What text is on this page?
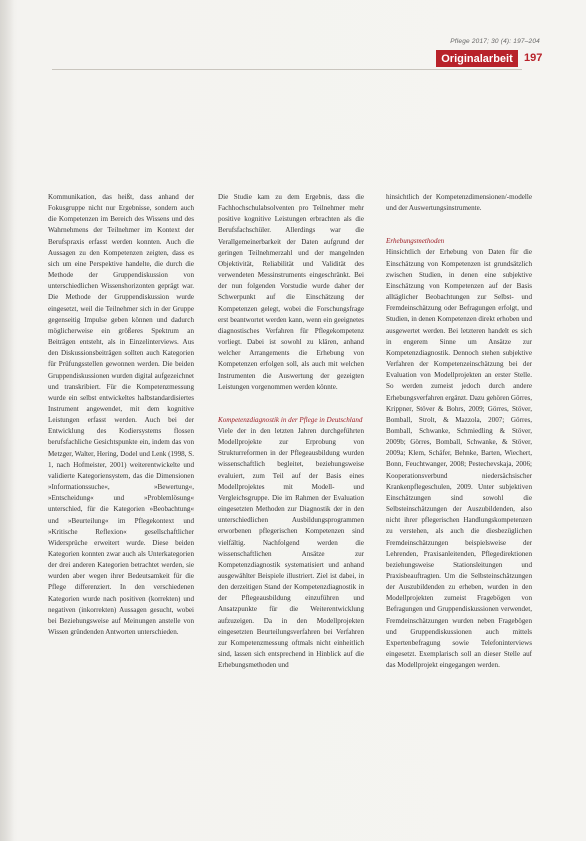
Pflege 2017; 30 (4): 197–204
Originalarbeit	197

Kommunikation, das heißt, dass anhand der Fokusgruppe nicht nur Ergebnisse, sondern auch die Kompetenzen im Bereich des Wissens und des Wahrnehmens der Teilnehmer im Kontext der Berufspraxis erfasst werden konnten. Auch die Aussagen zu den Kompetenzen zeigten, dass es sich um eine Perspektive handelte, die durch die Methode der Gruppendiskussion von unterschiedlichen Wissenshorizonten geprägt war. Die Methode der Gruppendiskussion wurde eingesetzt, weil die Teilnehmer sich in der Gruppe gegenseitig Impulse geben können und dadurch möglicherweise ein größeres Spektrum an Beiträgen entsteht, als in Einzelinterviews. Aus den Diskussionsbeiträgen sollten auch Kategorien für Prüfungsstellen gewonnen werden. Die beiden Gruppendiskussionen wurden digital aufgezeichnet und transkribiert. Für die Kompetenzmessung wurde ein selbst entwickeltes halbstandardisiertes Instrument angewendet, mit dem kognitive Leistungen erfasst werden. Auch bei der Entwicklung des Kodiersystems flossen berufsfachliche Gesichtspunkte ein, indem das von Metzger, Walter, Hering, Dodel und Lenk (1998, S. 1, nach Hofmeister, 2001) weiterentwickelte und validierte Kategoriensystem, das die Dimensionen »Informationssuche«, »Bewertung«, »Entscheidung« und »Problemlösung« unterschied, für die Kategorien »Beobachtung« und »Beurteilung« im Pflegekontext und »Kritische Reflexion« gesellschaftlicher Widersprüche erweitert wurde. Diese beiden Kategorien konnten zwar auch als Unterkategorien der drei anderen Kategorien betrachtet werden, sie wurden aber wegen ihrer Bedeutsamkeit für die Pflege differenziert. In den verschiedenen Kategorien wurde nach positiven (korrekten) und negativen (inkorrekten) Aussagen gesucht, wobei bei Beziehungsweise auf Meinungen anstelle von Wissen gründenden Antworten unterschieden.

Die Studie kam zu dem Ergebnis, dass die Fachhochschulabsolventen pro Teilnehmer mehr positive kognitive Leistungen erbrachten als die Berufsfachschüler. Allerdings war die Verallgemeinerbarkeit der Daten aufgrund der geringen Teilnehmerzahl und der mangelnden Objektivität, Reliabilität und Validität des verwendeten Messinstruments eingeschränkt. Bei der nun folgenden Vorstudie wurde daher der Schwerpunkt auf die Einschätzung der Kompetenzen gelegt, wobei die Forschungsfrage erst beantwortet werden kann, wenn ein geeignetes diagnostisches Verfahren für Pflegekompetenz vorliegt. Dabei ist sowohl zu klären, anhand welcher Arrangements die Erhebung von Kompetenzen erfolgen soll, als auch mit welchen Instrumenten die Auswertung der gezeigten Leistungen vorgenommen werden könnte.

Kompetenzdiagnostik in der Pflege in Deutschland

Viele der in den letzten Jahren durchgeführten Modellprojekte zur Erprobung von Strukturreformen in der Pflegeausbildung wurden wissenschaftlich begleitet, beziehungsweise evaluiert, zum Teil auf der Basis eines Modellprojektes mit Modell- und Vergleichsgruppe. Die im Rahmen der Evaluation eingesetzten Methoden zur Diagnostik der in den unterschiedlichen Ausbildungsprogrammen erworbenen pflegerischen Kompetenzen sind vielfältig. Nachfolgend werden die wissenschaftlichen Ansätze zur Kompetenzdiagnostik systematisiert und anhand ausgewählter Beispiele illustriert. Ziel ist dabei, in den derzeitigen Stand der Kompetenzdiagnostik in der Pflegeausbildung einzuführen und Ansatzpunkte für die Weiterentwicklung aufzuzeigen. Da in den Modellprojekten eingesetzten Beurteilungsverfahren bei Verfahren zur Kompetenzmessung oftmals nicht einheitlich sind, lassen sich entsprechend in Hinblick auf die Erhebungsmethoden und

hinsichtlich der Kompetenzdimensionen/-modelle und der Auswertungsinstrumente.

Erhebungsmethoden

Hinsichtlich der Erhebung von Daten für die Einschätzung von Kompetenzen ist grundsätzlich zwischen Studien, in denen eine subjektive Einschätzung von Kompetenzen auf der Basis alltäglicher Beobachtungen zur Selbst- und Fremdeinschätzung oder Befragungen erfolgt, und Studien, in denen Kompetenzen direkt erhoben und ausgewertet werden. Bei letzteren handelt es sich in engerem Sinne um Ansätze zur Kompetenzdiagnostik. Dennoch stehen subjektive Verfahren der Kompetenzeinschätzung bei der Evaluation von Modellprojekten an erster Stelle. So werden zumeist jedoch durch andere Erhebungsverfahren ergänzt. Dazu gehören Görres, Krippner, Stöver & Bohrs, 2009; Görres, Stöver, Bomball, Strolt, & Mazzola, 2007; Görres, Bomball, Schwanke, Schmiedling & Stöver, 2009b; Görres, Bomball, Schwanke, & Stöver, 2009a; Klem, Schäfer, Behnke, Barten, Wiechert, Bonn, Feuchtwanger, 2008; Pestechevskaja, 2006; Kooperationsverbund niedersächsischer Krankenpflegeschulen, 2009. Unter subjektiven Einschätzungen sind sowohl die Selbsteinschätzungen der Auszubildenden, also nicht ihrer pflegerischen Handlungskompetenzen zu verstehen, als auch die diesbezüglichen Fremdeinschätzungen beispielsweise der Lehrenden, Praxisanleitenden, Pflegedirektionen beziehungsweise Stationsleitungen und Praxisbeauftragten. Um die Selbsteinschätzungen der Auszubildenden zu erheben, wurden in den Modellprojekten zumeist Fragebögen von Befragungen und Gruppendiskussionen verwendet, Fremdeinschätzungen wurden neben Fragebögen und Gruppendiskussionen auch mittels Expertenbefragung sowie Telefoninterviews eingesetzt. Exemplarisch soll an dieser Stelle auf das Modellprojekt eingegangen werden.
